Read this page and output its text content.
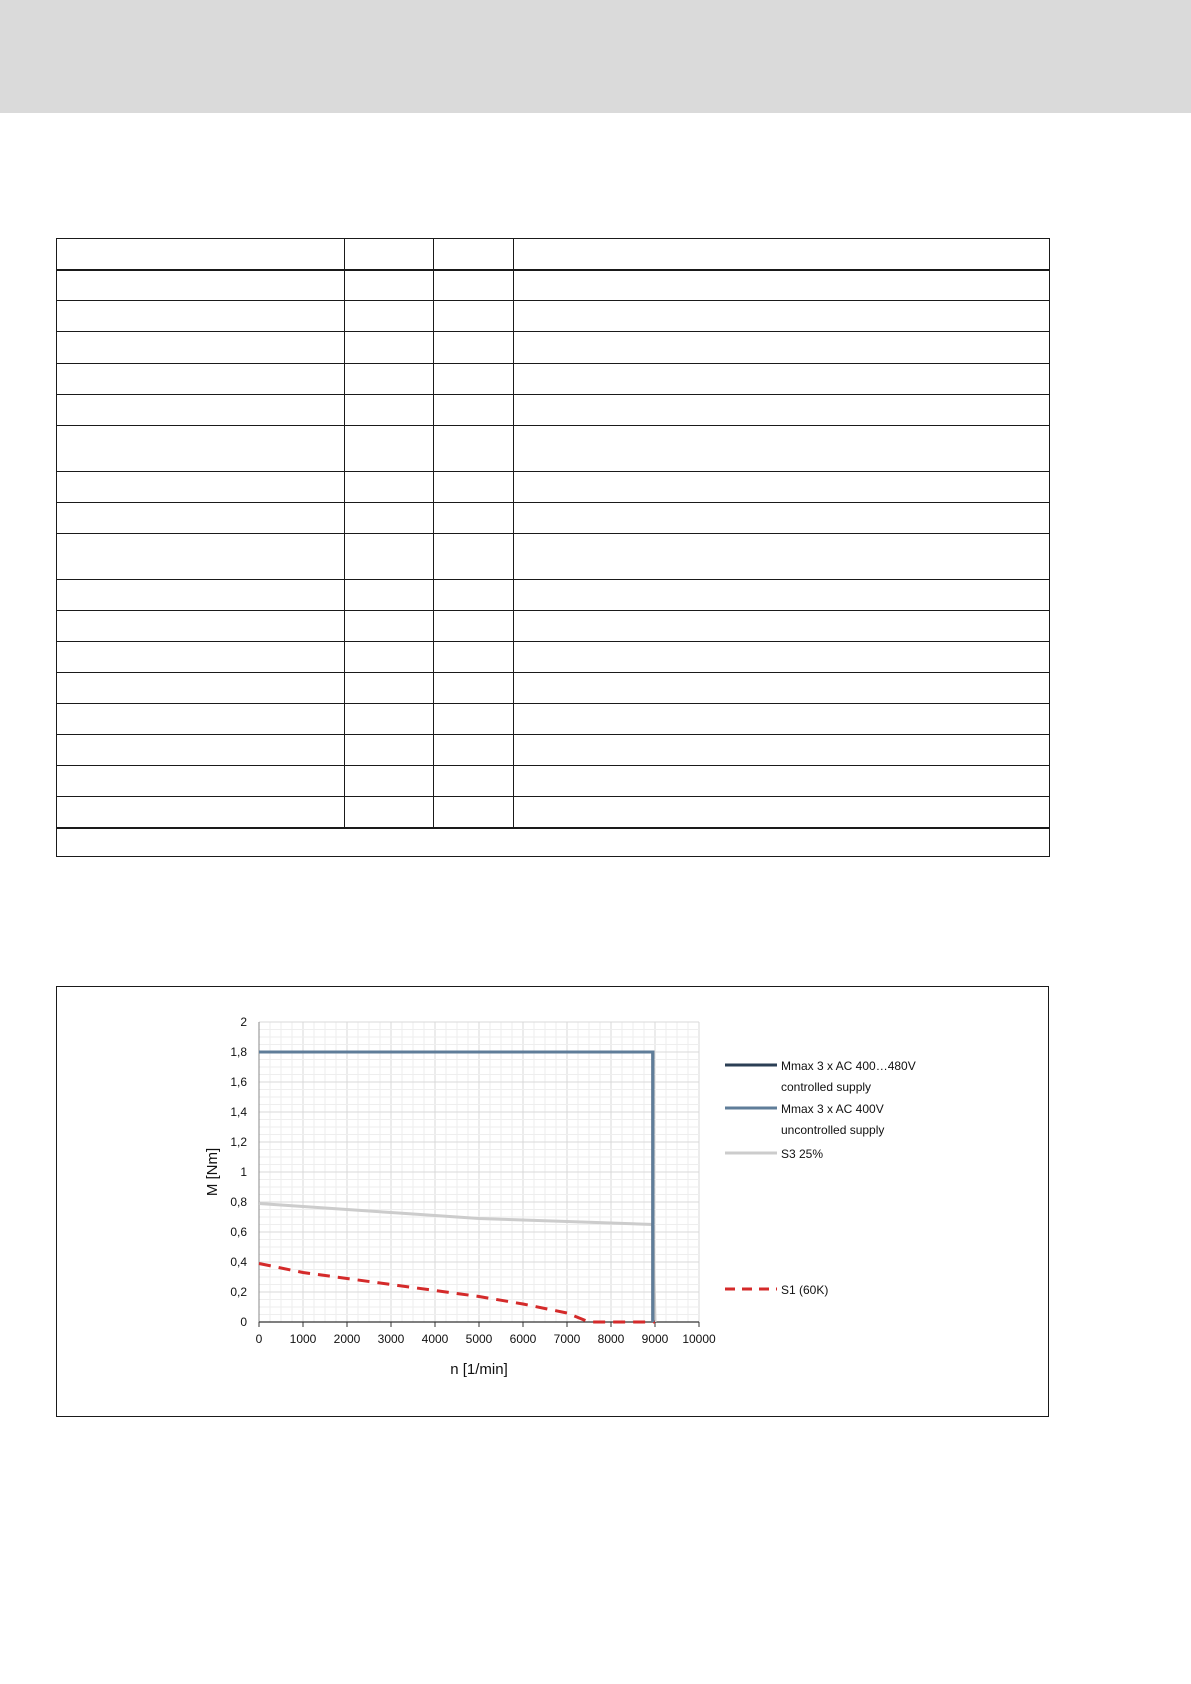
0 1000 2000 3000 4000 5000 6000 7000 8000 9000 10000
0
0,2
0,4
0,6
0,8
1
1,2
1,4
1,6
1,8
2
n [1/min]
M [Nm]
Mmax 3 x AC 400…480V
controlled supply
Mmax 3 x AC 400V
uncontrolled supply
S3 25%
S1 (60K)
